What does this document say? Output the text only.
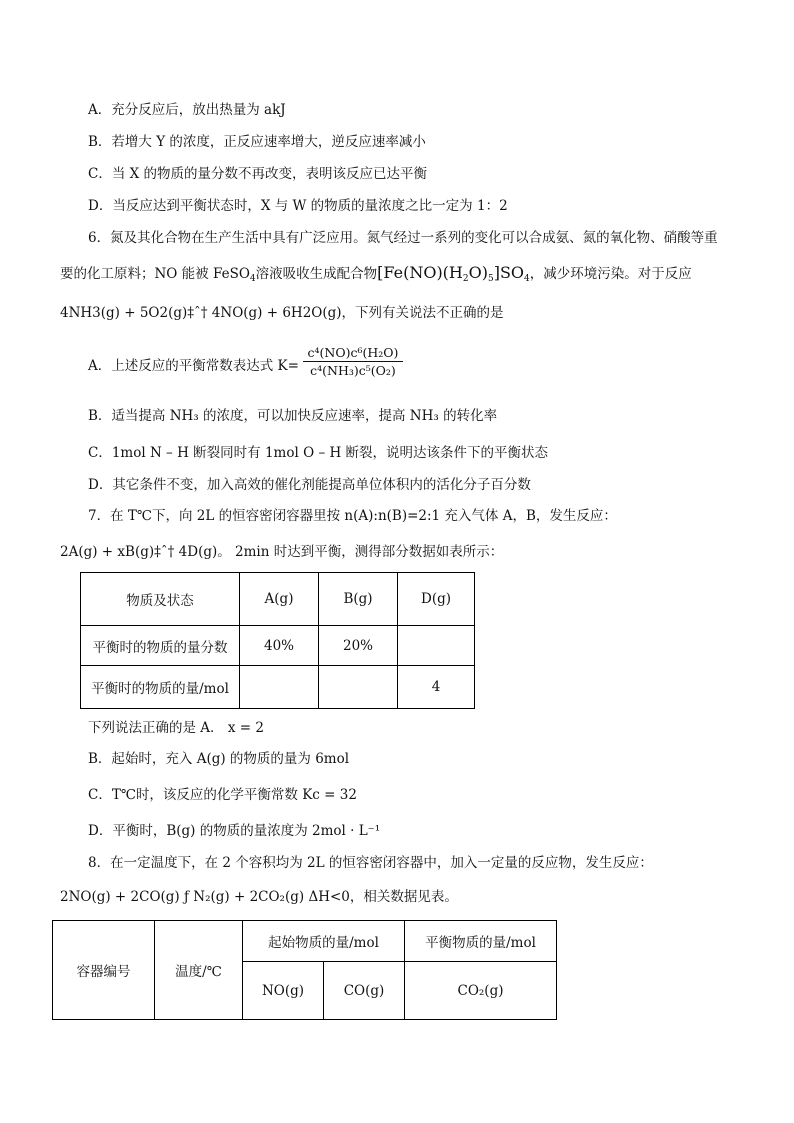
A．充分反应后，放出热量为 akJ
B．若增大 Y 的浓度，正反应速率增大，逆反应速率减小
C．当 X 的物质的量分数不再改变，表明该反应已达平衡
D．当反应达到平衡状态时，X 与 W 的物质的量浓度之比一定为 1：2
6．氮及其化合物在生产生活中具有广泛应用。氮气经过一系列的变化可以合成氨、氮的氧化物、硝酸等重
要的化工原料；NO 能被 FeSO$_4$溶液吸收生成配合物$[Fe(NO)(H_2O)_5]SO_4$，减少环境污染。对于反应
4NH3(g) + 5O2(g)‡ˆ† 4NO(g) + 6H2O(g)，下列有关说法不正确的是
A．上述反应的平衡常数表达式 $K= \frac{\text{c⁴(NO)c⁶(H₂O)}}{\text{c⁴(NH₃)c⁵(O₂)}}$
B．适当提高 NH₃ 的浓度，可以加快反应速率，提高 NH₃ 的转化率
C．1mol N – H 断裂同时有 1mol O – H 断裂，说明达该条件下的平衡状态
D．其它条件不变，加入高效的催化剂能提高单位体积内的活化分子百分数
7．在 T℃下，向 2L 的恒容密闭容器里按 n(A):n(B)=2:1 充入气体 A，B，发生反应：
2A(g) + xB(g)‡ˆ† 4D(g)。 2min 时达到平衡，测得部分数据如表所示：
物质及状态	A(g)	B(g)	D(g)
平衡时的物质的量分数	40%	20%	
平衡时的物质的量/mol			4
下列说法正确的是 A． x = 2
B．起始时，充入 A(g) 的物质的量为 6mol
C．T℃时，该反应的化学平衡常数 Kc = 32
D．平衡时，B(g) 的物质的量浓度为 2mol · L⁻¹
8．在一定温度下，在 2 个容积均为 2L 的恒容密闭容器中，加入一定量的反应物，发生反应：
2NO(g) + 2CO(g) ƒ N₂(g) + 2CO₂(g) ΔH<0，相关数据见表。
容器编号	温度/℃	起始物质的量/mol		平衡物质的量/mol
		NO(g)	CO(g)	CO₂(g)
